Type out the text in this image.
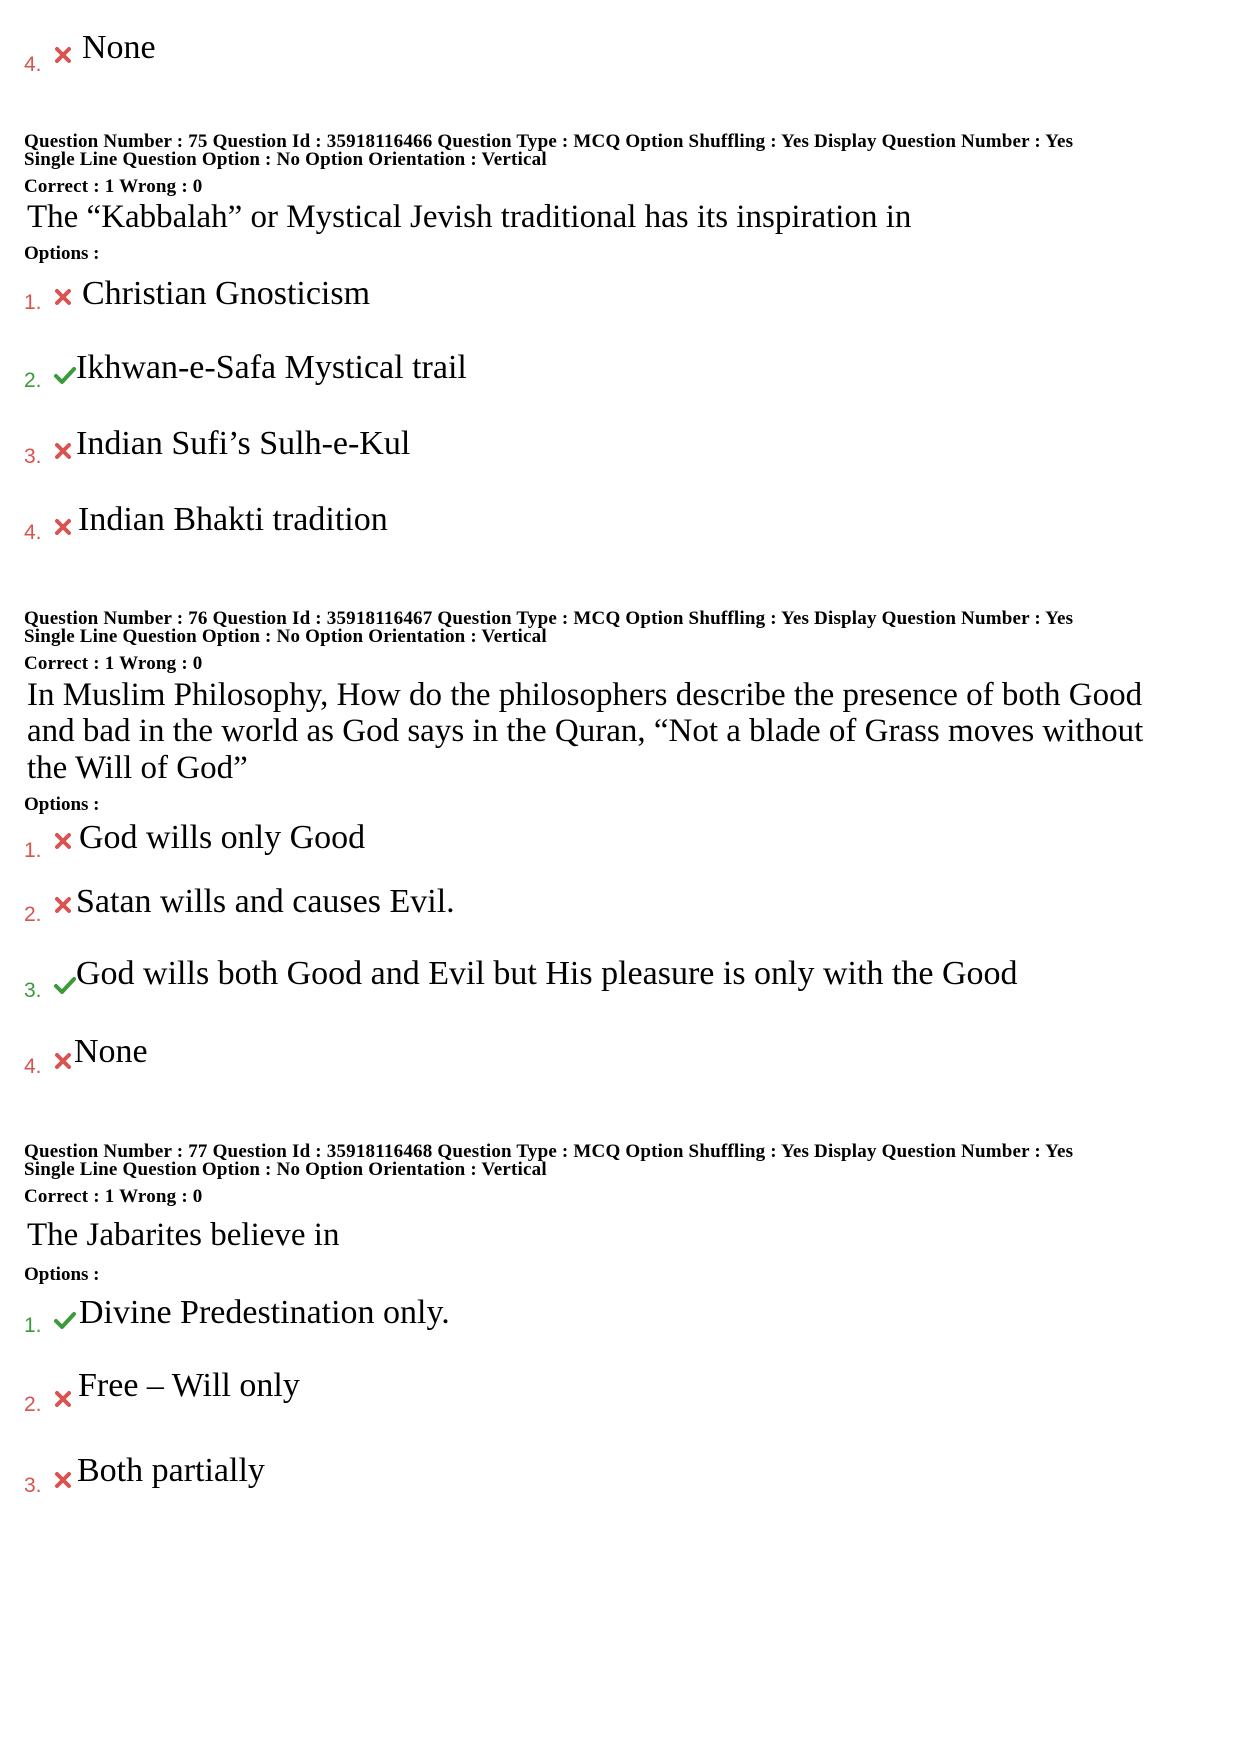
4. None
Question Number : 75 Question Id : 35918116466 Question Type : MCQ Option Shuffling : Yes Display Question Number : Yes
Single Line Question Option : No Option Orientation : Vertical
Correct : 1 Wrong : 0
The “Kabbalah” or Mystical Jevish traditional has its inspiration in
Options :
1. Christian Gnosticism
2. Ikhwan-e-Safa Mystical trail
3. Indian Sufi’s Sulh-e-Kul
4. Indian Bhakti tradition
Question Number : 76 Question Id : 35918116467 Question Type : MCQ Option Shuffling : Yes Display Question Number : Yes
Single Line Question Option : No Option Orientation : Vertical
Correct : 1 Wrong : 0
In Muslim Philosophy, How do the philosophers describe the presence of both Good
and bad in the world as God says in the Quran, “Not a blade of Grass moves without
the Will of God”
Options :
1. God wills only Good
2. Satan wills and causes Evil.
3. God wills both Good and Evil but His pleasure is only with the Good
4. None
Question Number : 77 Question Id : 35918116468 Question Type : MCQ Option Shuffling : Yes Display Question Number : Yes
Single Line Question Option : No Option Orientation : Vertical
Correct : 1 Wrong : 0
The Jabarites believe in
Options :
1. Divine Predestination only.
2.
Free – Will only
3. Both partially
